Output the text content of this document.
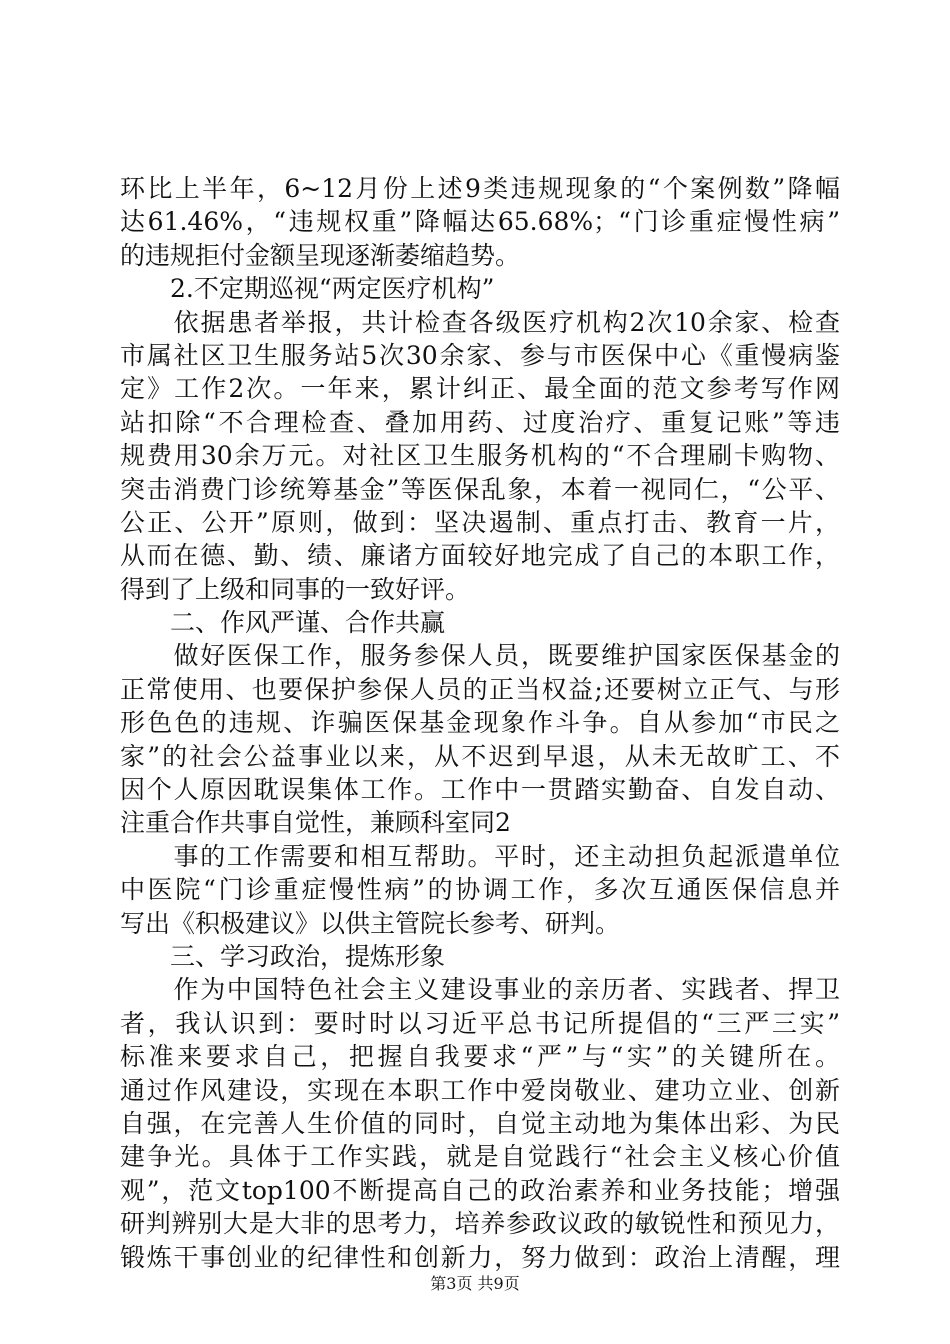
环比上半年，6~12月份上述9类违规现象的“个案例数”降幅
达61.46%，“违规权重”降幅达65.68%；“门诊重症慢性病”
的违规拒付金额呈现逐渐萎缩趋势。
　　2.不定期巡视“两定医疗机构”
　　依据患者举报，共计检查各级医疗机构2次10余家、检查
市属社区卫生服务站5次30余家、参与市医保中心《重慢病鉴
定》工作2次。一年来，累计纠正、最全面的范文参考写作网
站扣除“不合理检查、叠加用药、过度治疗、重复记账”等违
规费用30余万元。对社区卫生服务机构的“不合理刷卡购物、
突击消费门诊统筹基金”等医保乱象，本着一视同仁，“公平、
公正、公开”原则，做到：坚决遏制、重点打击、教育一片，
从而在德、勤、绩、廉诸方面较好地完成了自己的本职工作，
得到了上级和同事的一致好评。
　　二、作风严谨、合作共赢
　　做好医保工作，服务参保人员，既要维护国家医保基金的
正常使用、也要保护参保人员的正当权益;还要树立正气、与形
形色色的违规、诈骗医保基金现象作斗争。自从参加“市民之
家”的社会公益事业以来，从不迟到早退，从未无故旷工、不
因个人原因耽误集体工作。工作中一贯踏实勤奋、自发自动、
注重合作共事自觉性，兼顾科室同2
　　事的工作需要和相互帮助。平时，还主动担负起派遣单位
中医院“门诊重症慢性病”的协调工作，多次互通医保信息并
写出《积极建议》以供主管院长参考、研判。
　　三、学习政治，提炼形象
　　作为中国特色社会主义建设事业的亲历者、实践者、捍卫
者，我认识到：要时时以习近平总书记所提倡的“三严三实”
标准来要求自己，把握自我要求“严”与“实”的关键所在。
通过作风建设，实现在本职工作中爱岗敬业、建功立业、创新
自强，在完善人生价值的同时，自觉主动地为集体出彩、为民
建争光。具体于工作实践，就是自觉践行“社会主义核心价值
观”，范文top100不断提高自己的政治素养和业务技能；增强
研判辨别大是大非的思考力，培养参政议政的敏锐性和预见力，
锻炼干事创业的纪律性和创新力，努力做到：政治上清醒，理
第3页 共9页
